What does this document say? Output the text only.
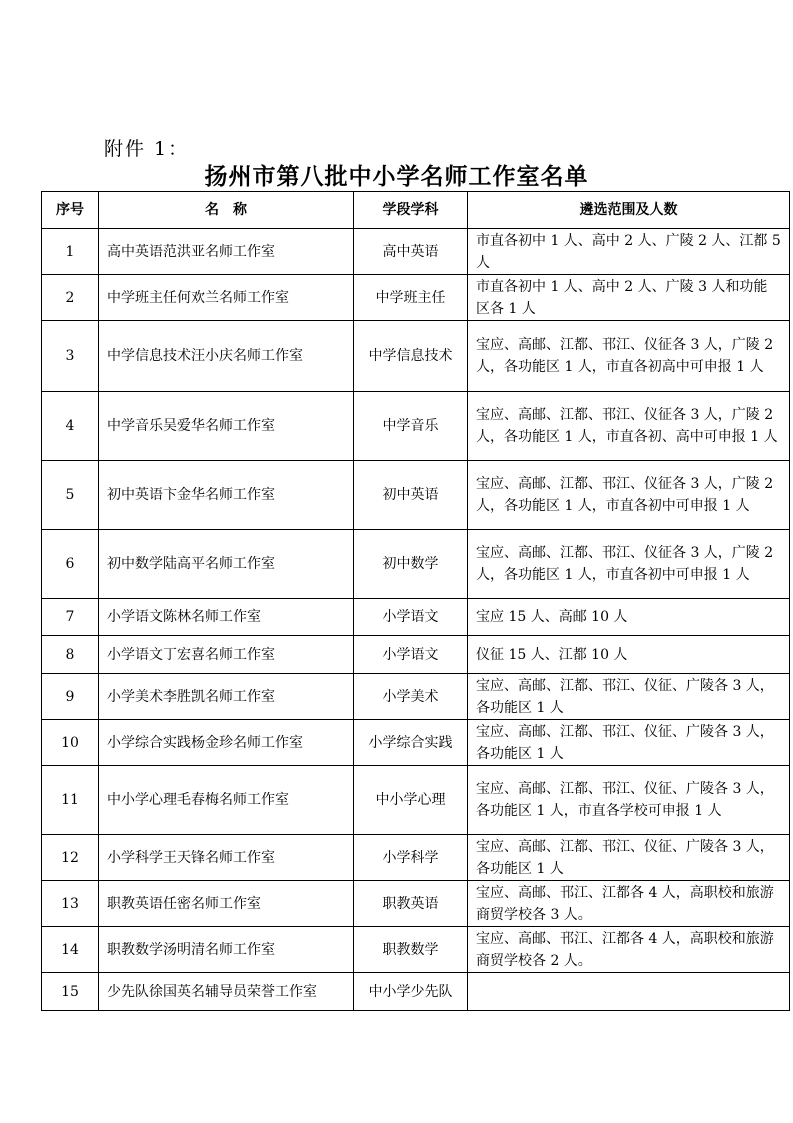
附件 1：
扬州市第八批中小学名师工作室名单
序号	名　称	学段学科	遴选范围及人数
1	高中英语范洪亚名师工作室	高中英语	市直各初中 1 人、高中 2 人、广陵 2 人、江都 5 人
2	中学班主任何欢兰名师工作室	中学班主任	市直各初中 1 人、高中 2 人、广陵 3 人和功能区各 1 人
3	中学信息技术汪小庆名师工作室	中学信息技术	宝应、高邮、江都、邗江、仪征各 3 人，广陵 2 人，各功能区 1 人，市直各初高中可申报 1 人
4	中学音乐吴爱华名师工作室	中学音乐	宝应、高邮、江都、邗江、仪征各 3 人，广陵 2 人，各功能区 1 人，市直各初、高中可申报 1 人
5	初中英语卞金华名师工作室	初中英语	宝应、高邮、江都、邗江、仪征各 3 人，广陵 2 人，各功能区 1 人，市直各初中可申报 1 人
6	初中数学陆高平名师工作室	初中数学	宝应、高邮、江都、邗江、仪征各 3 人，广陵 2 人，各功能区 1 人，市直各初中可申报 1 人
7	小学语文陈林名师工作室	小学语文	宝应 15 人、高邮 10 人
8	小学语文丁宏喜名师工作室	小学语文	仪征 15 人、江都 10 人
9	小学美术李胜凯名师工作室	小学美术	宝应、高邮、江都、邗江、仪征、广陵各 3 人，各功能区 1 人
10	小学综合实践杨金珍名师工作室	小学综合实践	宝应、高邮、江都、邗江、仪征、广陵各 3 人，各功能区 1 人
11	中小学心理毛春梅名师工作室	中小学心理	宝应、高邮、江都、邗江、仪征、广陵各 3 人，各功能区 1 人，市直各学校可申报 1 人
12	小学科学王天锋名师工作室	小学科学	宝应、高邮、江都、邗江、仪征、广陵各 3 人，各功能区 1 人
13	职教英语任密名师工作室	职教英语	宝应、高邮、邗江、江都各 4 人，高职校和旅游商贸学校各 3 人。
14	职教数学汤明清名师工作室	职教数学	宝应、高邮、邗江、江都各 4 人，高职校和旅游商贸学校各 2 人。
15	少先队徐国英名辅导员荣誉工作室	中小学少先队	
